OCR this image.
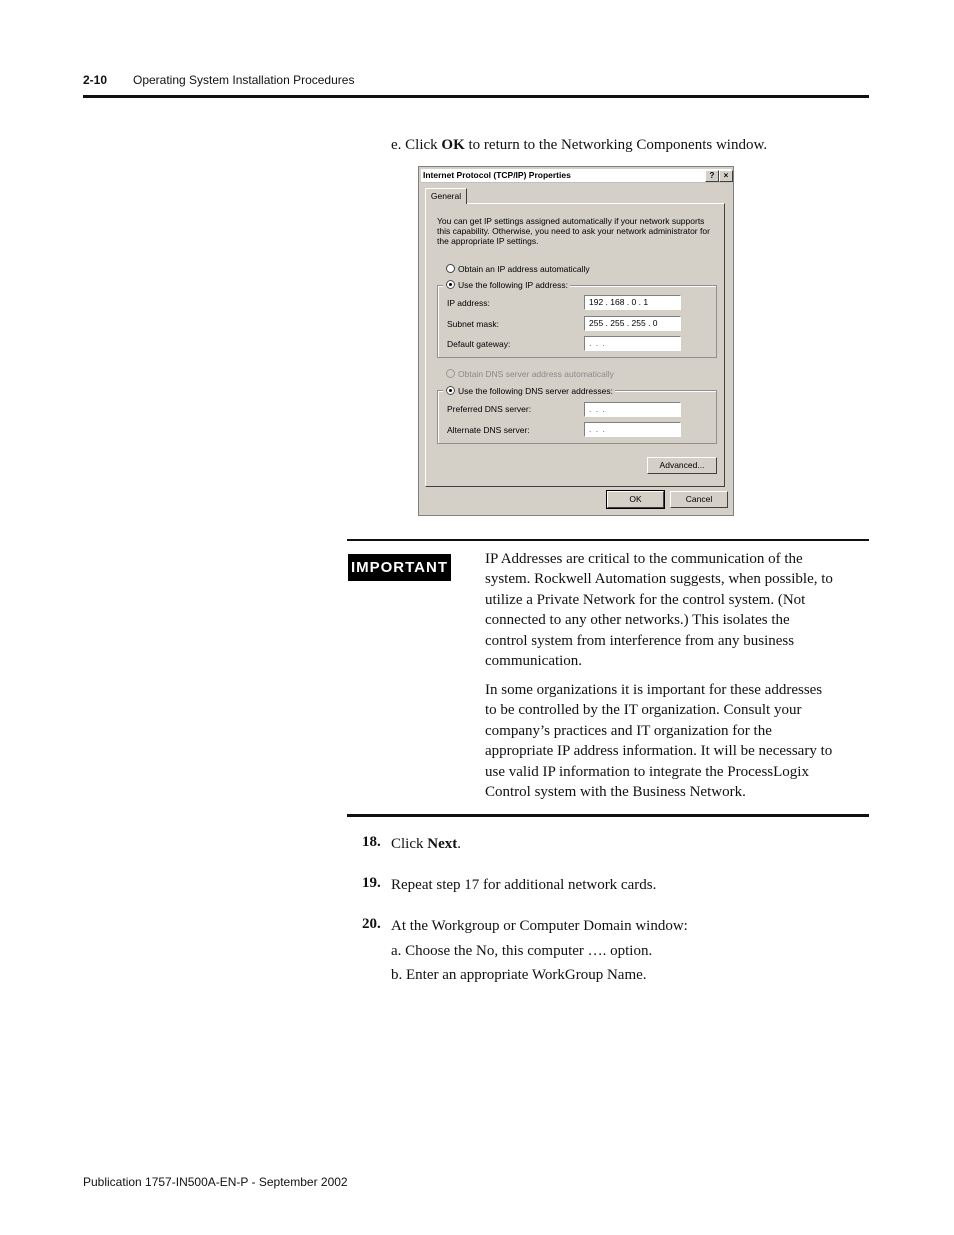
2-10 Operating System Installation Procedures
e. Click OK to return to the Networking Components window.
Internet Protocol (TCP/IP) Properties	?	×
General
You can get IP settings assigned automatically if your network supports
this capability. Otherwise, you need to ask your network administrator for
the appropriate IP settings.
Obtain an IP address automatically
Use the following IP address:
IP address:	192 . 168 . 0 . 1
Subnet mask:	255 . 255 . 255 . 0
Default gateway:	. . .
Obtain DNS server address automatically
Use the following DNS server addresses:
Preferred DNS server:	. . .
Alternate DNS server:	. . .
Advanced...
OK	Cancel
IMPORTANT IP Addresses are critical to the communication of the
system. Rockwell Automation suggests, when possible, to
utilize a Private Network for the control system. (Not
connected to any other networks.) This isolates the
control system from interference from any business
communication.
In some organizations it is important for these addresses
to be controlled by the IT organization. Consult your
company’s practices and IT organization for the
appropriate IP address information. It will be necessary to
use valid IP information to integrate the ProcessLogix
Control system with the Business Network.
18. Click Next.
19. Repeat step 17 for additional network cards.
20. At the Workgroup or Computer Domain window:
a. Choose the No, this computer …. option.
b. Enter an appropriate WorkGroup Name.
Publication 1757-IN500A-EN-P - September 2002
